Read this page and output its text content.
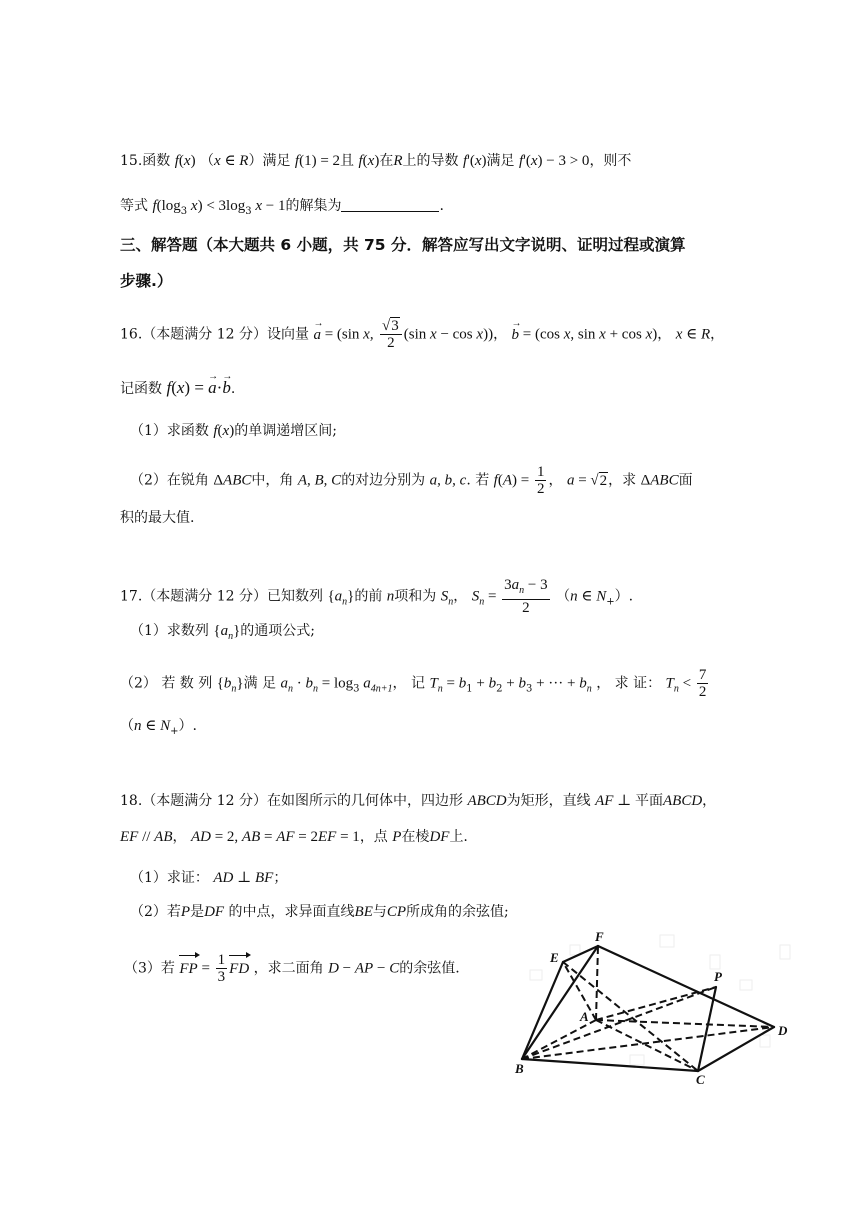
15.函数 f(x) （x ∈ R）满足 f(1) = 2且 f(x)在R上的导数 f'(x)满足 f'(x) − 3 > 0，则不
等式 $f(\log_3$ $x) < 3\log_3$ x − 1的解集为	.
三、解答题（本大题共 6 小题，共 75 分．解答应写出文字说明、证明过程或演算
步骤.）
16.（本题满分 12 分）设向量 → a = (sin x, $\frac{√3}{2} (\sin$ x − cos x))， → b = (cos x, sin x + cos x)， x ∈ R，
记函数 f(x) = → a·→ b.
（1）求函数 f(x)的单调递增区间;
（2）在锐角 ΔABC中，角 A, B, C的对边分别为 a, b, c. 若 $f(A) = \frac{1}{2}$ ， a = √2，求 ΔABC面
积的最大值.
17.（本题满分 12 分）已知数列 $\{a_n\}$的前 n项和为 $S_n$， $S_n = \frac{3a_n - 3}{2} (n$ ∈ $N_+$）.
（1）求数列 $\{a_n\}$的通项公式;
（2） 若 数 列 $\{b_n\}$满 足 $a_n \cdot b_n = \log_3 a_{4n+1}$， 记 $T_n = b_1 + b_2 + b_3$ + ··· + $b_n$ ， 求 证： $T_n < \frac{7}{2}$
（n ∈ $N_+$）.
18.（本题满分 12 分）在如图所示的几何体中，四边形 ABCD为矩形，直线 AF ⊥ 平面ABCD，
EF // AB， AD = 2, AB = AF = 2EF = 1，点 P在棱DF上.
（1）求证： AD ⊥ BF；
（2）若P是DF 的中点，求异面直线BE与CP所成角的余弦值;
（3）若 FP = $\frac{1}{3}$ FD ，求二面角 D − AP − C的余弦值.
F
E
P
A
D
B
C
